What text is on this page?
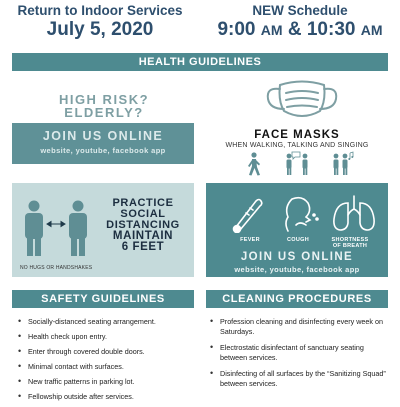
Return to Indoor Services
July 5, 2020
NEW Schedule
9:00 AM & 10:30 AM
HEALTH GUIDELINES
HIGH RISK?
ELDERLY?
JOIN US ONLINE
website, youtube, facebook app
FACE MASKS
WHEN WALKING, TALKING AND SINGING
PRACTICE
SOCIAL
DISTANCING
MAINTAIN
6 FEET
NO HUGS OR HANDSHAKES
FEVER	COUGH	SHORTNESS
OF BREATH
JOIN US ONLINE
website, youtube, facebook app
SAFETY GUIDELINES
• Socially-distanced seating arrangement.
• Health check upon entry.
• Enter through covered double doors.
• Minimal contact with surfaces.
• New traffic patterns in parking lot.
• Fellowship outside after services.
CLEANING PROCEDURES
• Profession cleaning and disinfecting every week on Saturdays.
• Electrostatic disinfectant of sanctuary seating between services.
• Disinfecting of all surfaces by the “Sanitizing Squad” between services.
